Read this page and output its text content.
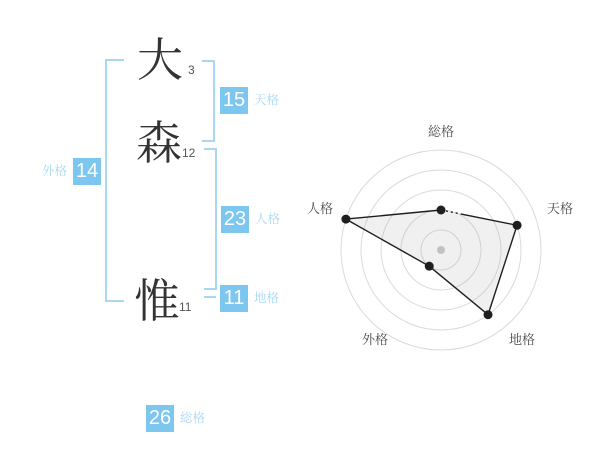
大
森
惟
3
12
11
15 天格
23 人格
11 地格
外格 14
26 総格
総格
天格
地格
外格
人格
